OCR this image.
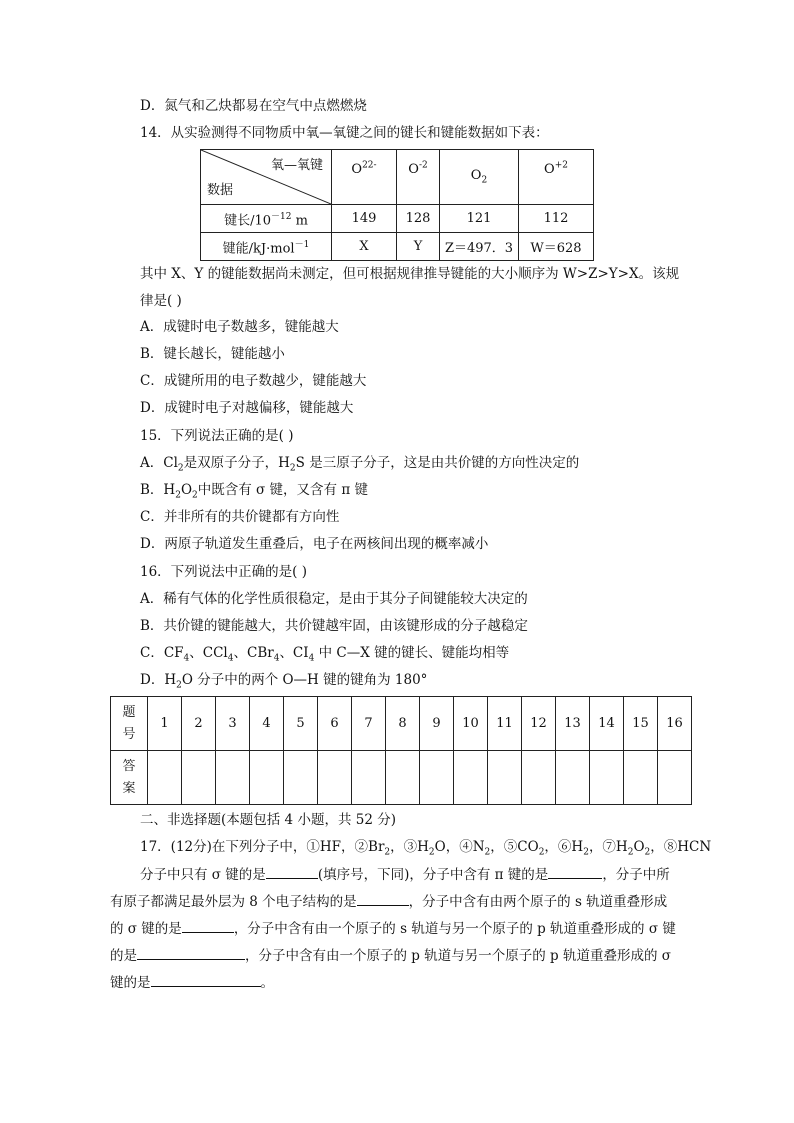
D．氮气和乙炔都易在空气中点燃燃烧
14．从实验测得不同物质中氧—氧键之间的键长和键能数据如下表：
氧—氧键
数据	$O^{22-}$	$O^{-2}$	$O_2$	$O^{+2}$
键长$/10^{-12}$ m	149	128	121	112
键能/kJ·mol$^{-1}$	X	Y	Z＝497．3	W＝628
其中 X、Y 的键能数据尚未测定，但可根据规律推导键能的大小顺序为 W>Z>Y>X。该规
律是( )
A．成键时电子数越多，键能越大
B．键长越长，键能越小
C．成键所用的电子数越少，键能越大
D．成键时电子对越偏移，键能越大
15．下列说法正确的是( )
A．$Cl_2$是双原子分子，$H_2S$ 是三原子分子，这是由共价键的方向性决定的
B．$H_2O_2$中既含有 σ 键，又含有 π 键
C．并非所有的共价键都有方向性
D．两原子轨道发生重叠后，电子在两核间出现的概率减小
16．下列说法中正确的是( )
A．稀有气体的化学性质很稳定，是由于其分子间键能较大决定的
B．共价键的键能越大，共价键越牢固，由该键形成的分子越稳定
C．$CF_4$、CCl$_4$、CBr$_4$、$CI_4$ 中 C—X 键的键长、键能均相等
D．$H_2O$ 分子中的两个 O—H 键的键角为 180°
题
号	1	2	3	4	5	6	7	8	9	10	11	12	13	14	15	16
答
案																
二、非选择题(本题包括 4 小题，共 52 分)
17．(12分)在下列分子中，①HF，$②Br_2$，$③H_2O$，$④N_2$，$⑤CO_2$，$⑥H_2$，$⑦H_2O_2$，⑧HCN
分子中只有 σ 键的是	(填序号，下同)，分子中含有 π 键的是	，分子中所
有原子都满足最外层为 8 个电子结构的是	，分子中含有由两个原子的 s 轨道重叠形成
的 σ 键的是	，分子中含有由一个原子的 s 轨道与另一个原子的 p 轨道重叠形成的 σ 键
的是	，分子中含有由一个原子的 p 轨道与另一个原子的 p 轨道重叠形成的 σ
键的是	。
